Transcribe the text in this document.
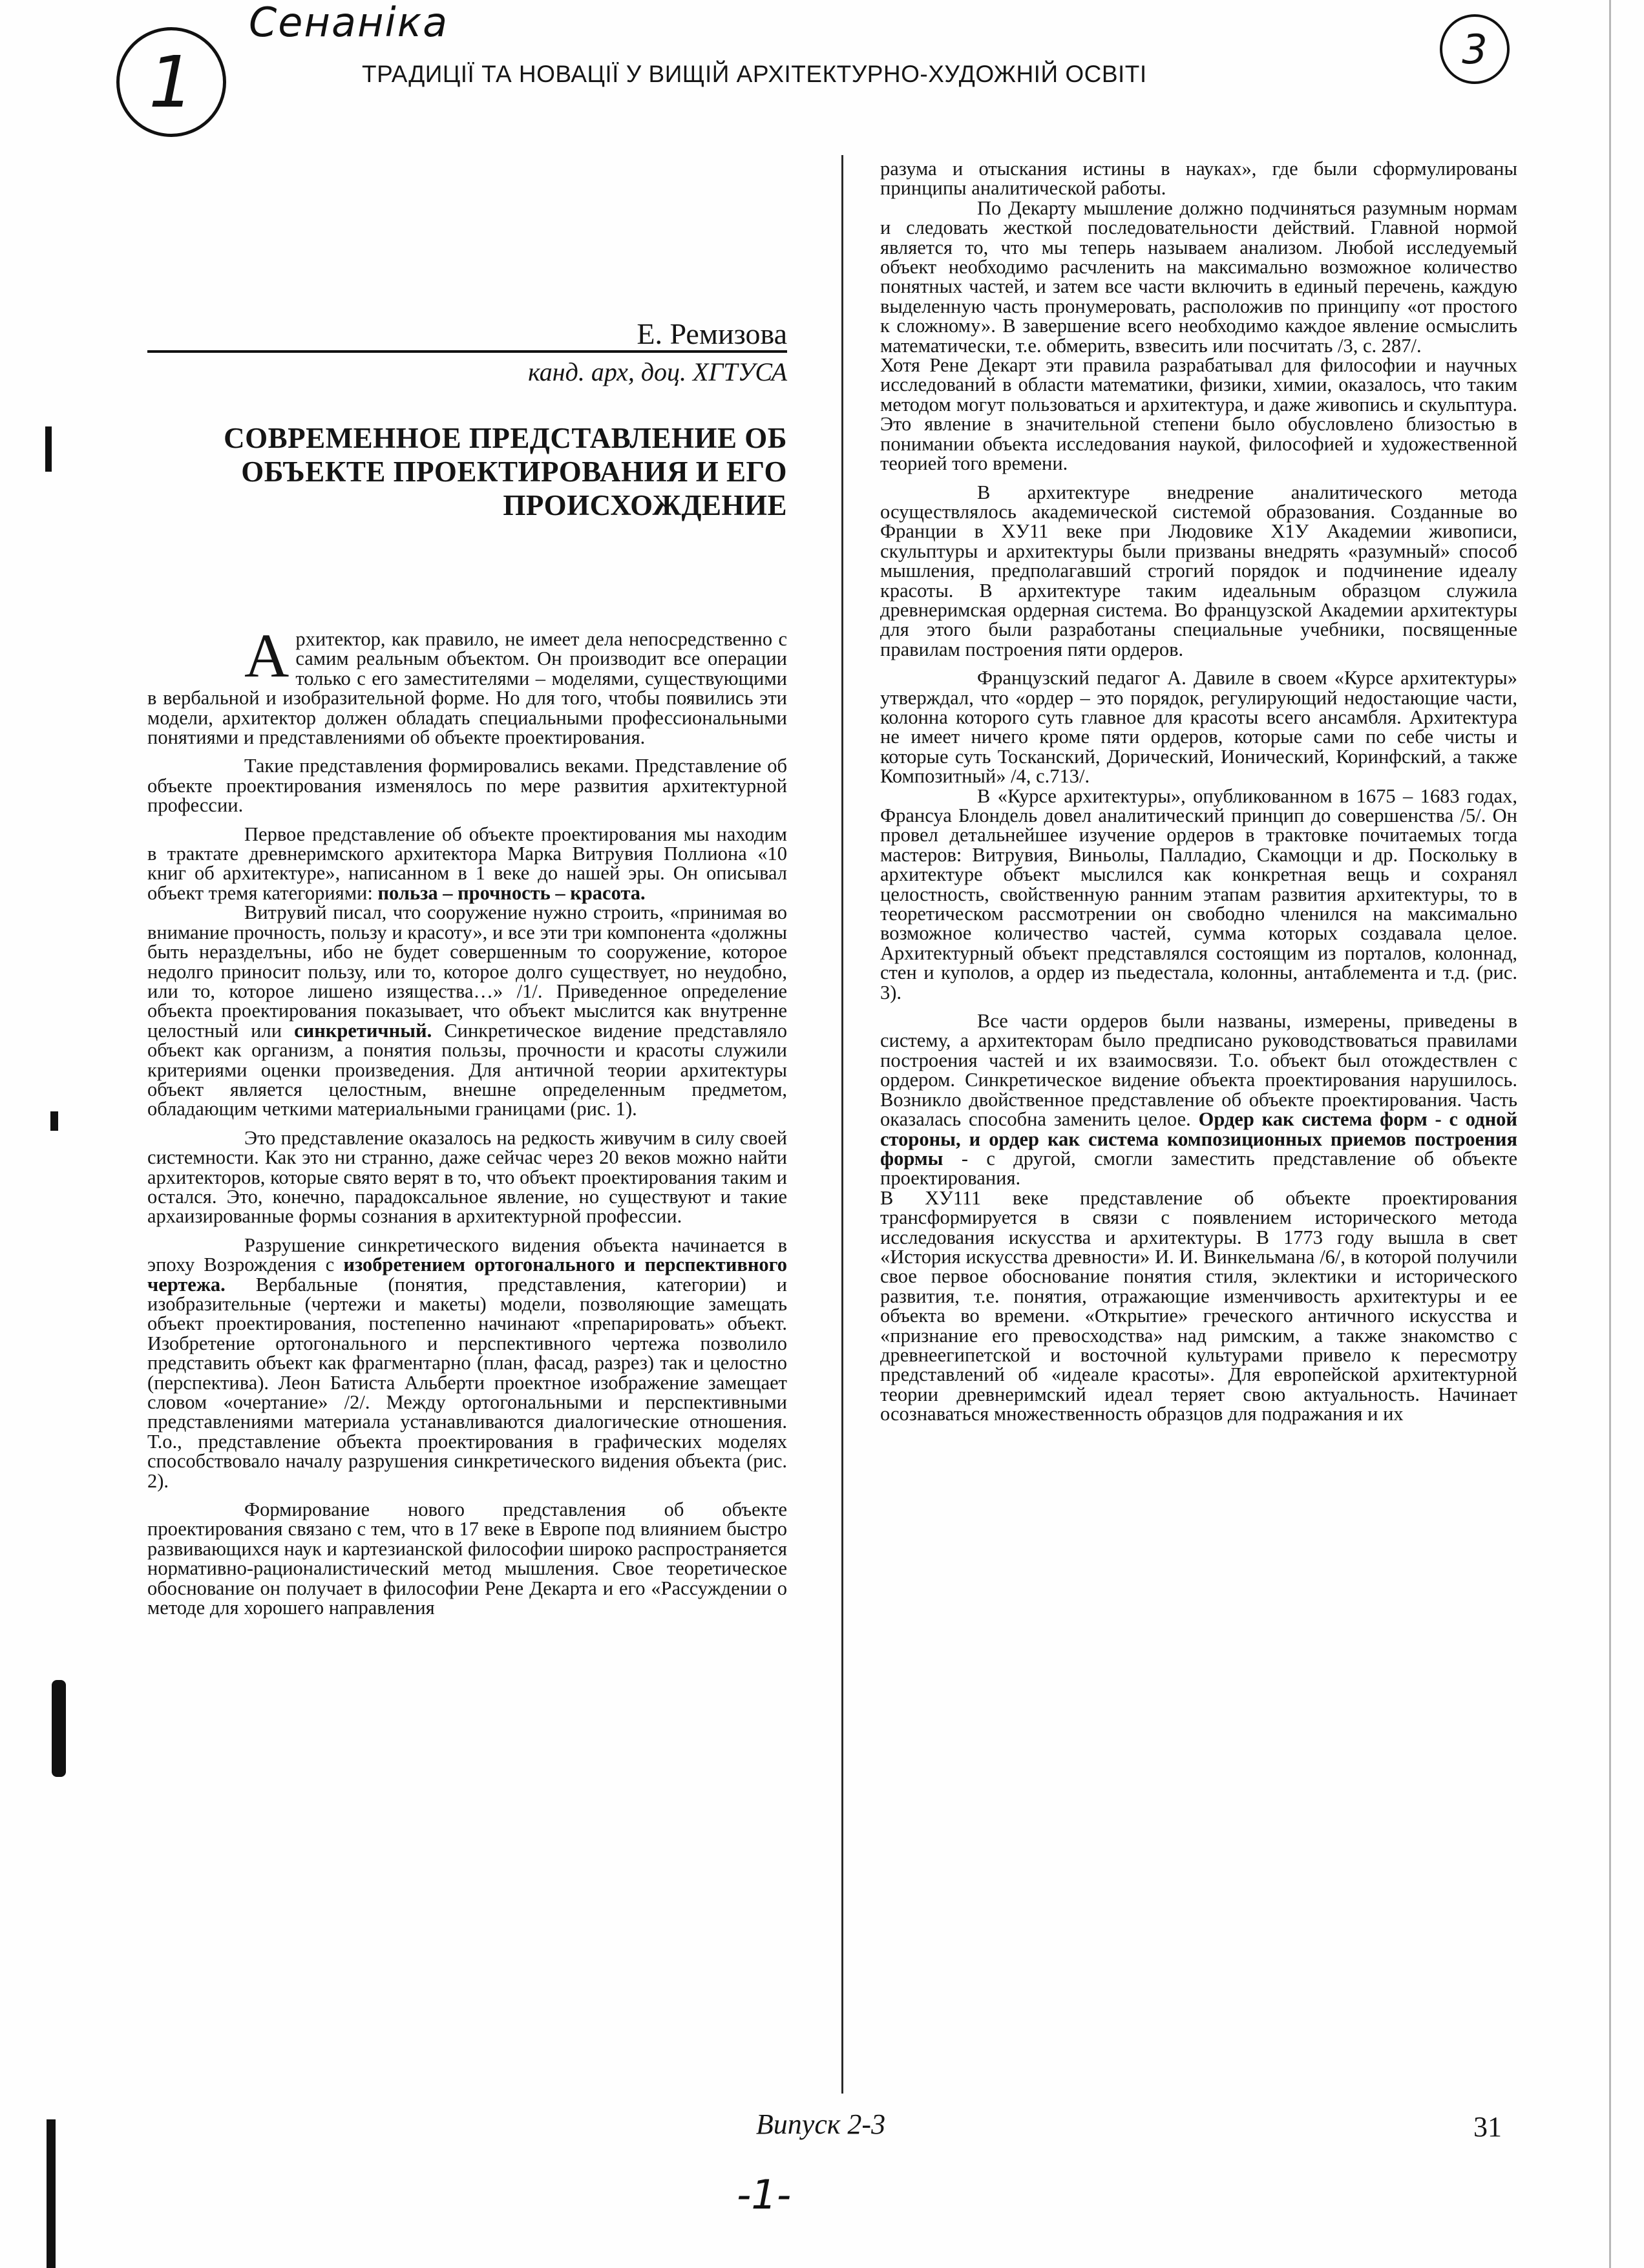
Сенаніка
1	3
ТРАДИЦІЇ ТА НОВАЦІЇ У ВИЩІЙ АРХІТЕКТУРНО-ХУДОЖНІЙ ОСВІТІ
Е. Ремизова
канд. арх, доц. ХГТУСА
СОВРЕМЕННОЕ ПРЕДСТАВЛЕНИЕ ОБ ОБЪЕКТЕ ПРОЕКТИРОВАНИЯ И ЕГО ПРОИСХОЖДЕНИЕ

Архитектор, как правило, не имеет дела непосредственно с самим реальным объектом. Он производит все операции только с его заместителями – моделями, существующими в вербальной и изобразительной форме. Но для того, чтобы появились эти модели, архитектор должен обладать специальными профессиональными понятиями и представлениями об объекте проектирования.

Такие представления формировались веками. Представление об объекте проектирования изменялось по мере развития архитектурной профессии.

Первое представление об объекте проектирования мы находим в трактате древнеримского архитектора Марка Витрувия Поллиона «10 книг об архитектуре», написанном в 1 веке до нашей эры. Он описывал объект тремя категориями: польза – прочность – красота.

Витрувий писал, что сооружение нужно строить, «принимая во внимание прочность, пользу и красоту», и все эти три компонента «должны быть неразделъны, ибо не будет совершенным то сооружение, которое недолго приносит пользу, или то, которое долго существует, но неудобно, или то, которое лишено изящества…» /1/. Приведенное определение объекта проектирования показывает, что объект мыслится как внутренне целостный или синкретичный. Синкретическое видение представляло объект как организм, а понятия пользы, прочности и красоты служили критериями оценки произведения. Для античной теории архитектуры объект является целостным, внешне определенным предметом, обладающим четкими материальными границами (рис. 1).

Это представление оказалось на редкость живучим в силу своей системности. Как это ни странно, даже сейчас через 20 веков можно найти архитекторов, которые свято верят в то, что объект проектирования таким и остался. Это, конечно, парадоксальное явление, но существуют и такие архаизированные формы сознания в архитектурной профессии.

Разрушение синкретического видения объекта начинается в эпоху Возрождения с изобретением ортогонального и перспективного чертежа. Вербальные (понятия, представления, категории) и изобразительные (чертежи и макеты) модели, позволяющие замещать объект проектирования, постепенно начинают «препарировать» объект. Изобретение ортогонального и перспективного чертежа позволило представить объект как фрагментарно (план, фасад, разрез) так и целостно (перспектива). Леон Батиста Альберти проектное изображение замещает словом «очертание» /2/. Между ортогональными и перспективными представлениями материала устанавливаются диалогические отношения. Т.о., представление объекта проектирования в графических моделях способствовало началу разрушения синкретического видения объекта (рис. 2).

Формирование нового представления об объекте проектирования связано с тем, что в 17 веке в Европе под влиянием быстро развивающихся наук и картезианской философии широко распространяется нормативно-рационалистический метод мышления. Свое теоретическое обоснование он получает в философии Рене Декарта и его «Рассуждении о методе для хорошего направления

разума и отыскания истины в науках», где были сформулированы принципы аналитической работы.

По Декарту мышление должно подчиняться разумным нормам и следовать жесткой последовательности действий. Главной нормой является то, что мы теперь называем анализом. Любой исследуемый объект необходимо расчленить на максимально возможное количество понятных частей, и затем все части включить в единый перечень, каждую выделенную часть пронумеровать, расположив по принципу «от простого к сложному». В завершение всего необходимо каждое явление осмыслить математически, т.е. обмерить, взвесить или посчитать /3, с. 287/.

Хотя Рене Декарт эти правила разрабатывал для философии и научных исследований в области математики, физики, химии, оказалось, что таким методом могут пользоваться и архитектура, и даже живопись и скульптура. Это явление в значительной степени было обусловлено близостью в понимании объекта исследования наукой, философией и художественной теорией того времени.

В архитектуре внедрение аналитического метода осуществлялось академической системой образования. Созданные во Франции в ХУ11 веке при Людовике Х1У Академии живописи, скульптуры и архитектуры были призваны внедрять «разумный» способ мышления, предполагавший строгий порядок и подчинение идеалу красоты. В архитектуре таким идеальным образцом служила древнеримская ордерная система. Во французской Академии архитектуры для этого были разработаны специальные учебники, посвященные правилам построения пяти ордеров.

Французский педагог А. Давиле в своем «Курсе архитектуры» утверждал, что «ордер – это порядок, регулирующий недостающие части, колонна которого суть главное для красоты всего ансамбля. Архитектура не имеет ничего кроме пяти ордеров, которые сами по себе чисты и которые суть Тосканский, Дорический, Ионический, Коринфский, а также Композитный» /4, с.713/.

В «Курсе архитектуры», опубликованном в 1675 – 1683 годах, Франсуа Блондель довел аналитический принцип до совершенства /5/. Он провел детальнейшее изучение ордеров в трактовке почитаемых тогда мастеров: Витрувия, Виньолы, Палладио, Скамоцци и др. Поскольку в архитектуре объект мыслился как конкретная вещь и сохранял целостность, свойственную ранним этапам развития архитектуры, то в теоретическом рассмотрении он свободно членился на максимально возможное количество частей, сумма которых создавала целое. Архитектурный объект представлялся состоящим из порталов, колоннад, стен и куполов, а ордер из пьедестала, колонны, антаблемента и т.д. (рис. 3).

Все части ордеров были названы, измерены, приведены в систему, а архитекторам было предписано руководствоваться правилами построения частей и их взаимосвязи. Т.о. объект был отождествлен с ордером. Синкретическое видение объекта проектирования нарушилось. Возникло двойственное представление об объекте проектирования. Часть оказалась способна заменить целое. Ордер как система форм - с одной стороны, и ордер как система композиционных приемов построения формы - с другой, смогли заместить представление об объекте проектирования.

В ХУ111 веке представление об объекте проектирования трансформируется в связи с появлением исторического метода исследования искусства и архитектуры. В 1773 году вышла в свет «История искусства древности» И. И. Винкельмана /6/, в которой получили свое первое обоснование понятия стиля, эклектики и исторического развития, т.е. понятия, отражающие изменчивость архитектуры и ее объекта во времени. «Открытие» греческого античного искусства и «признание его превосходства» над римским, а также знакомство с древнеегипетской и восточной культурами привело к пересмотру представлений об «идеале красоты». Для европейской архитектурной теории древнеримский идеал теряет свою актуальность. Начинает осознаваться множественность образцов для подражания и их

Випуск 2-3	31
-1-
